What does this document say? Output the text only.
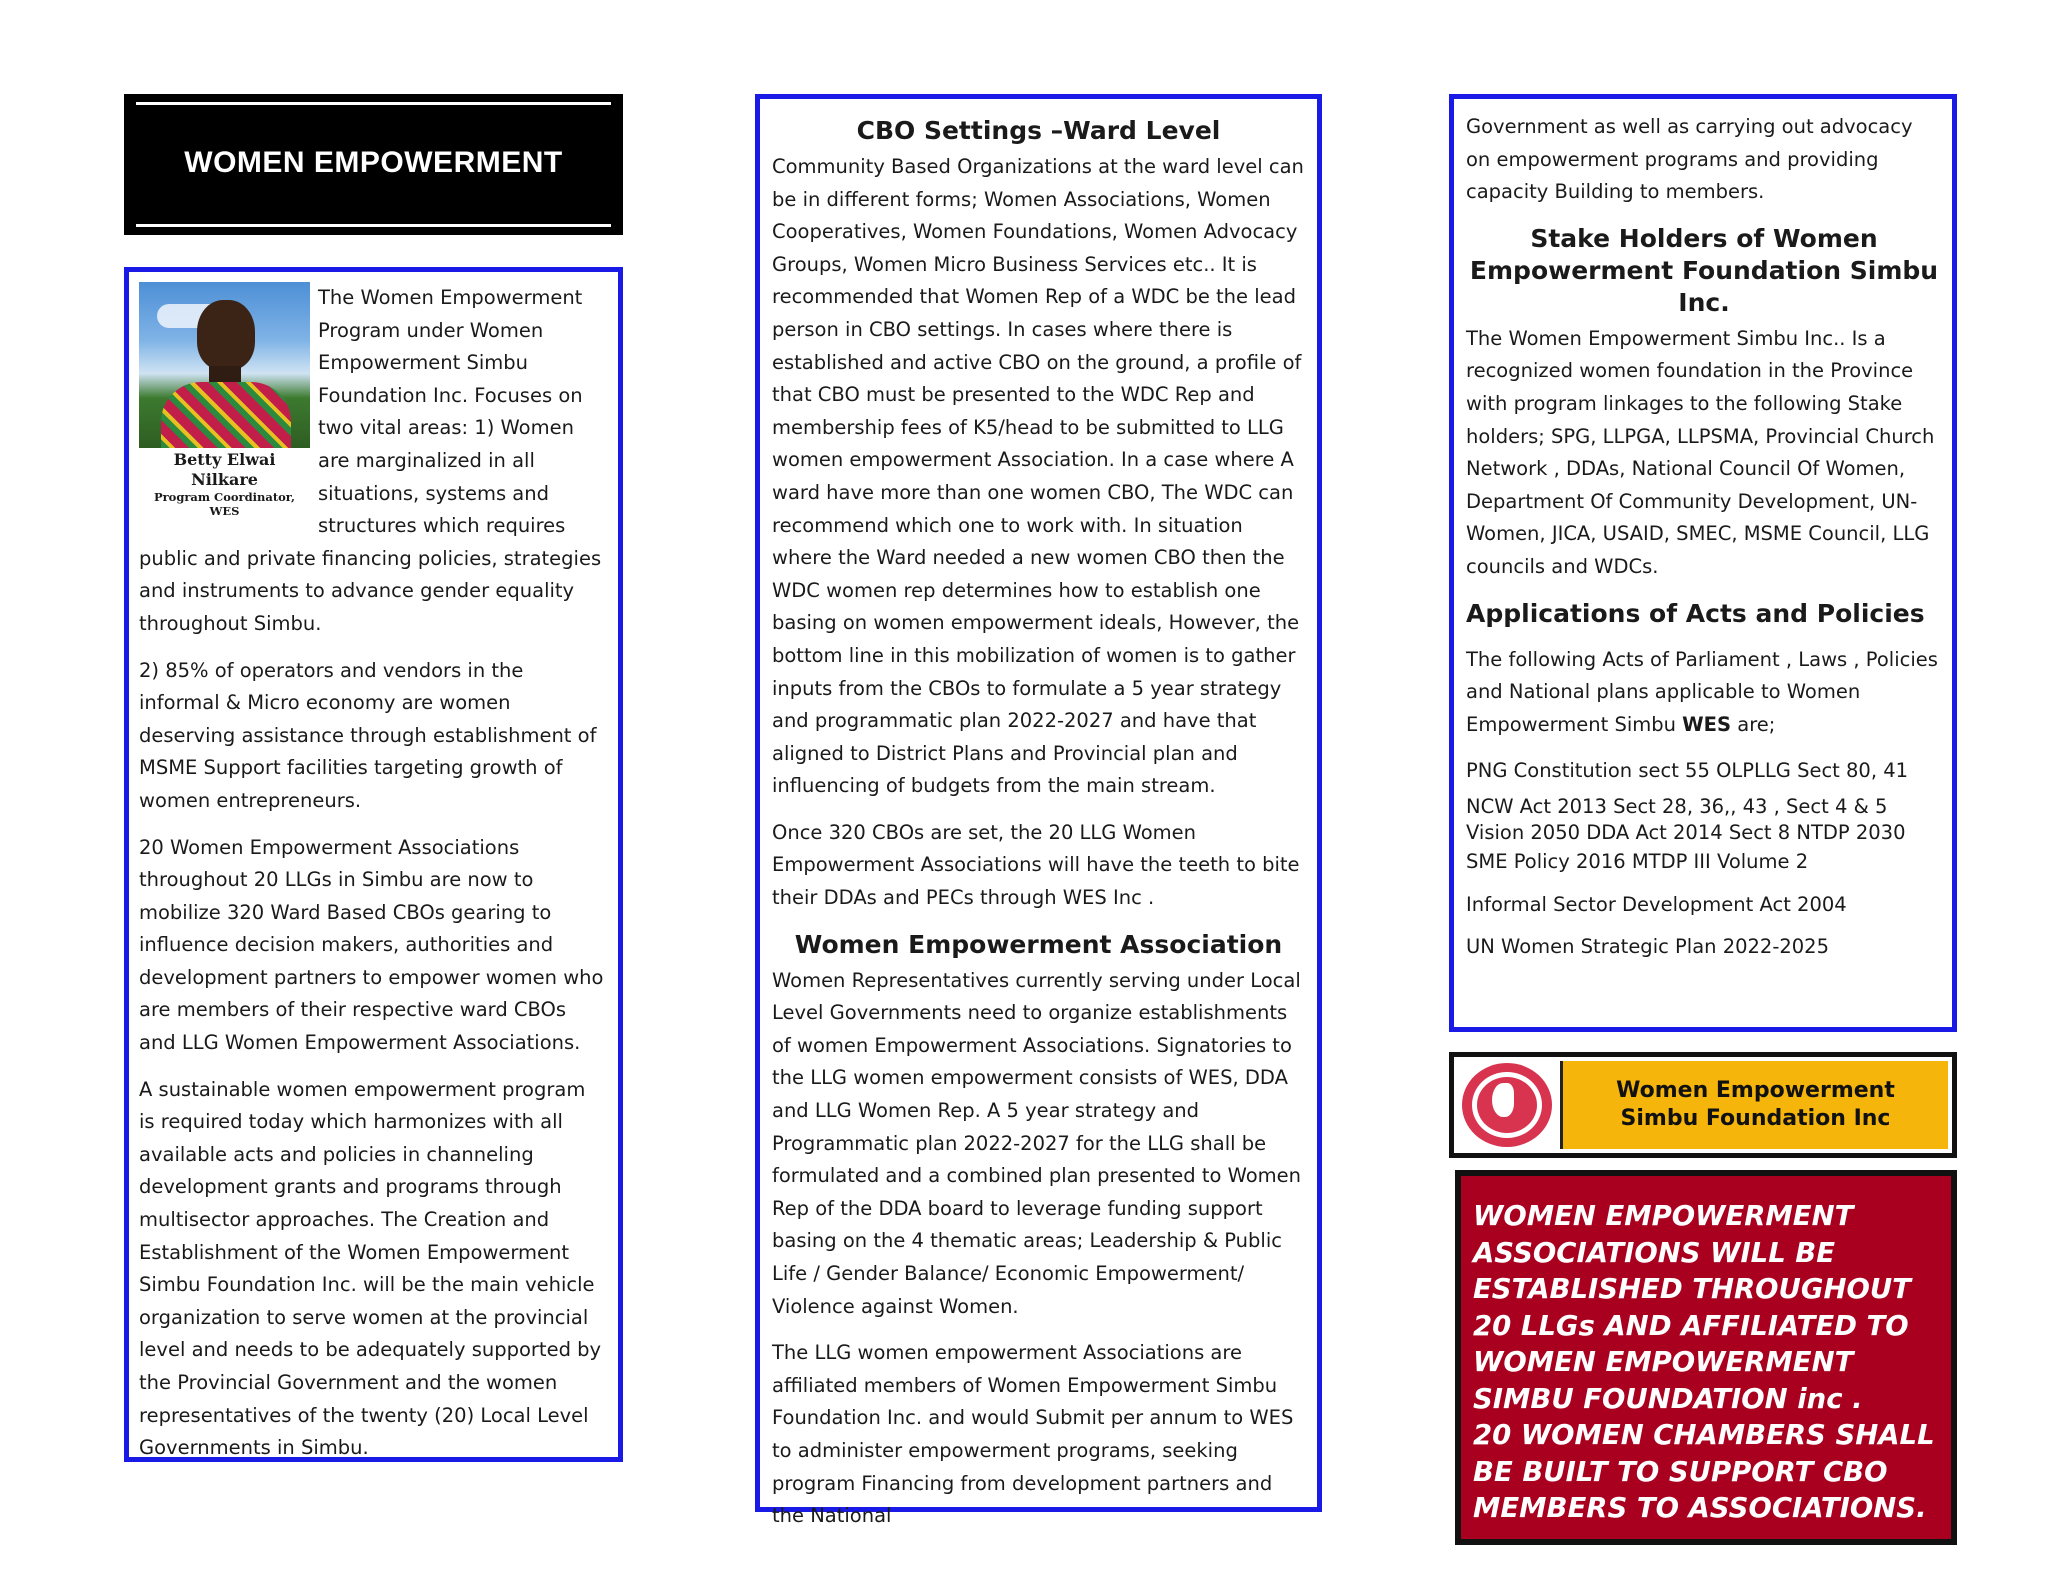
WOMEN EMPOWERMENT
Betty Elwai Nilkare
Program Coordinator, WES

The Women Empowerment Program under Women Empowerment Simbu Foundation Inc. Focuses on two vital areas: 1) Women are marginalized in all situations, systems and structures which requires public and private financing policies, strategies and instruments to advance gender equality throughout Simbu.

2) 85% of operators and vendors in the informal & Micro economy are women deserving assistance through establishment of MSME Support facilities targeting growth of women entrepreneurs.

20 Women Empowerment Associations throughout 20 LLGs in Simbu are now to mobilize 320 Ward Based CBOs gearing to influence decision makers, authorities and development partners to empower women who are members of their respective ward CBOs and LLG Women Empowerment Associations.

A sustainable women empowerment program is required today which harmonizes with all available acts and policies in channeling development grants and programs through multisector approaches. The Creation and Establishment of the Women Empowerment Simbu Foundation Inc. will be the main vehicle organization to serve women at the provincial level and needs to be adequately supported by the Provincial Government and the women representatives of the twenty (20) Local Level Governments in Simbu.

CBO Settings –Ward Level

Community Based Organizations at the ward level can be in different forms; Women Associations, Women Cooperatives, Women Foundations, Women Advocacy Groups, Women Micro Business Services etc.. It is recommended that Women Rep of a WDC be the lead person in CBO settings. In cases where there is established and active CBO on the ground, a profile of that CBO must be presented to the WDC Rep and membership fees of K5/head to be submitted to LLG women empowerment Association. In a case where A ward have more than one women CBO, The WDC can recommend which one to work with. In situation where the Ward needed a new women CBO then the WDC women rep determines how to establish one basing on women empowerment ideals, However, the bottom line in this mobilization of women is to gather inputs from the CBOs to formulate a 5 year strategy and programmatic plan 2022-2027 and have that aligned to District Plans and Provincial plan and influencing of budgets from the main stream.

Once 320 CBOs are set, the 20 LLG Women Empowerment Associations will have the teeth to bite their DDAs and PECs through WES Inc .

Women Empowerment Association

Women Representatives currently serving under Local Level Governments need to organize establishments of women Empowerment Associations. Signatories to the LLG women empowerment consists of WES, DDA and LLG Women Rep. A 5 year strategy and Programmatic plan 2022-2027 for the LLG shall be formulated and a combined plan presented to Women Rep of the DDA board to leverage funding support basing on the 4 thematic areas; Leadership & Public Life / Gender Balance/ Economic Empowerment/ Violence against Women.

The LLG women empowerment Associations are affiliated members of Women Empowerment Simbu Foundation Inc. and would Submit per annum to WES to administer empowerment programs, seeking program Financing from development partners and the National

Government as well as carrying out advocacy on empowerment programs and providing capacity Building to members.

Stake Holders of Women Empowerment Foundation Simbu Inc.

The Women Empowerment Simbu Inc.. Is a recognized women foundation in the Province with program linkages to the following Stake holders; SPG, LLPGA, LLPSMA, Provincial Church Network , DDAs, National Council Of Women, Department Of Community Development, UN-Women, JICA, USAID, SMEC, MSME Council, LLG councils and WDCs.

Applications of Acts and Policies

The following Acts of Parliament , Laws , Policies and National plans applicable to Women Empowerment Simbu WES are;

PNG Constitution sect 55 OLPLLG Sect 80, 41

NCW Act 2013 Sect 28, 36,, 43 , Sect 4 & 5

Vision 2050 DDA Act 2014 Sect 8 NTDP 2030

SME Policy 2016 MTDP III Volume 2

Informal Sector Development Act 2004

UN Women Strategic Plan 2022-2025

Women Empowerment
Simbu Foundation Inc

WOMEN EMPOWERMENT

ASSOCIATIONS WILL BE

ESTABLISHED THROUGHOUT

20 LLGs AND AFFILIATED TO

WOMEN EMPOWERMENT

SIMBU FOUNDATION inc .

20 WOMEN CHAMBERS SHALL

BE BUILT TO SUPPORT CBO

MEMBERS TO ASSOCIATIONS.
